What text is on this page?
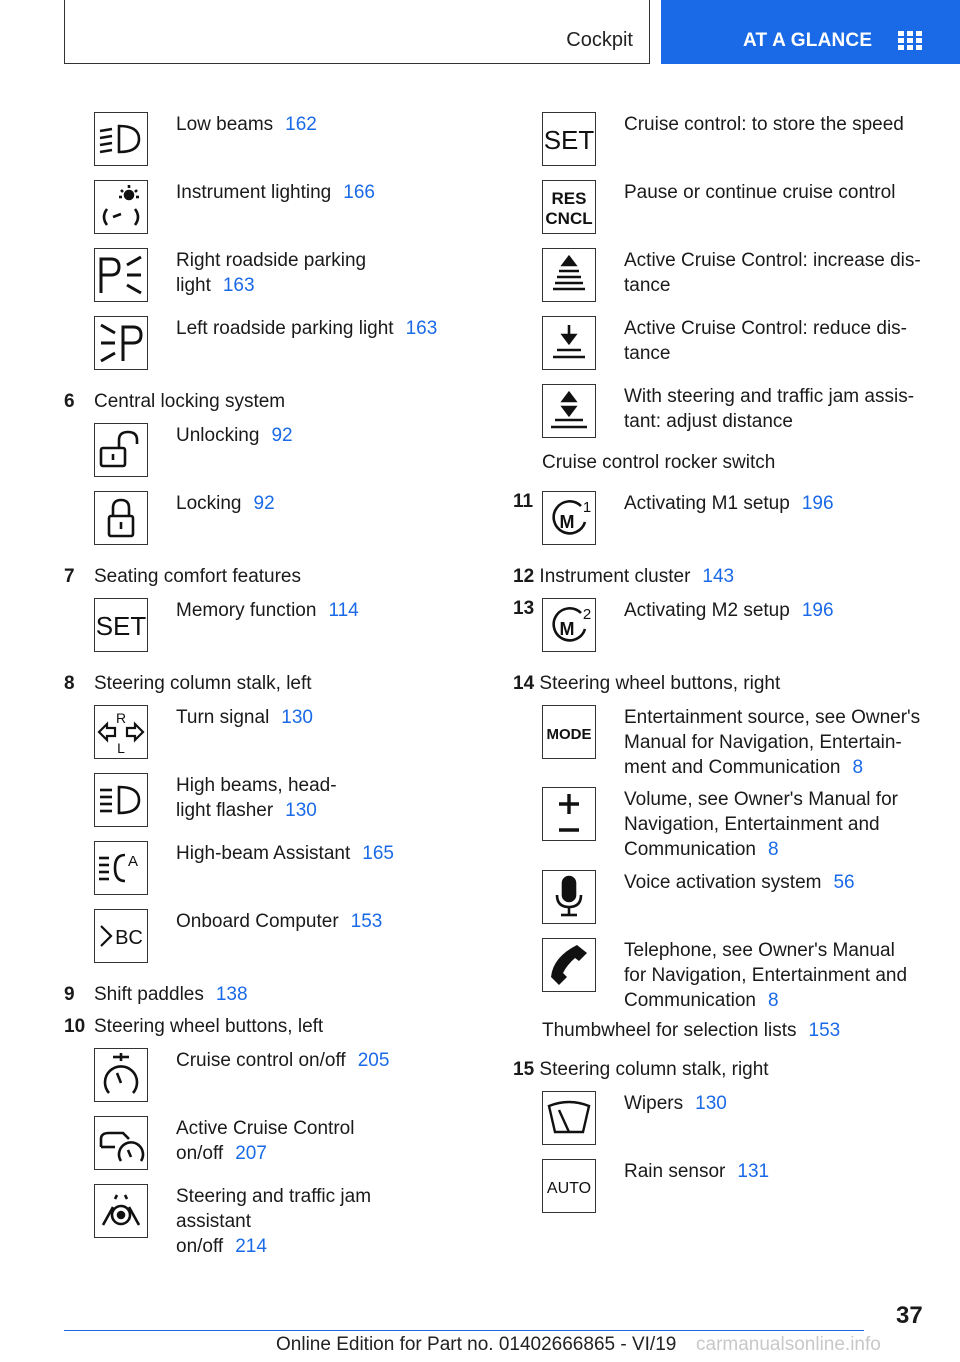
Cockpit	AT A GLANCE
Low beams 162
Instrument lighting 166
Right roadside parking light 163
Left roadside parking light 163
6 Central locking system
Unlocking 92
Locking 92
7 Seating comfort features
SET
Memory function 114
8 Steering column stalk, left
R
L
Turn signal 130
High beams, head-
light flasher 130
A High-beam Assistant 165
BC
Onboard Computer 153
9 Shift paddles 138
10 Steering wheel buttons, left
Cruise control on/off 205
Active Cruise Control on/off 207
Steering and traffic jam assistant
on/off 214
SET
Cruise control: to store the speed
RES
CNCL
Pause or continue cruise control
Active Cruise Control: increase dis-
tance
Active Cruise Control: reduce dis-
tance
With steering and traffic jam assis-
tant: adjust distance
Cruise control rocker switch
11
M
1 Activating M1 setup 196
12 Instrument cluster 143
13
M
2 Activating M2 setup 196
14 Steering wheel buttons, right
MODE
Entertainment source, see Owner's
Manual for Navigation, Entertain-
ment and Communication 8
Volume, see Owner's Manual for
Navigation, Entertainment and
Communication 8
Voice activation system 56
Telephone, see Owner's Manual
for Navigation, Entertainment and
Communication 8
Thumbwheel for selection lists 153
15 Steering column stalk, right
Wipers 130
AUTO
Rain sensor 131
37
Online Edition for Part no. 01402666865 - VI/19 carmanualsonline.info
